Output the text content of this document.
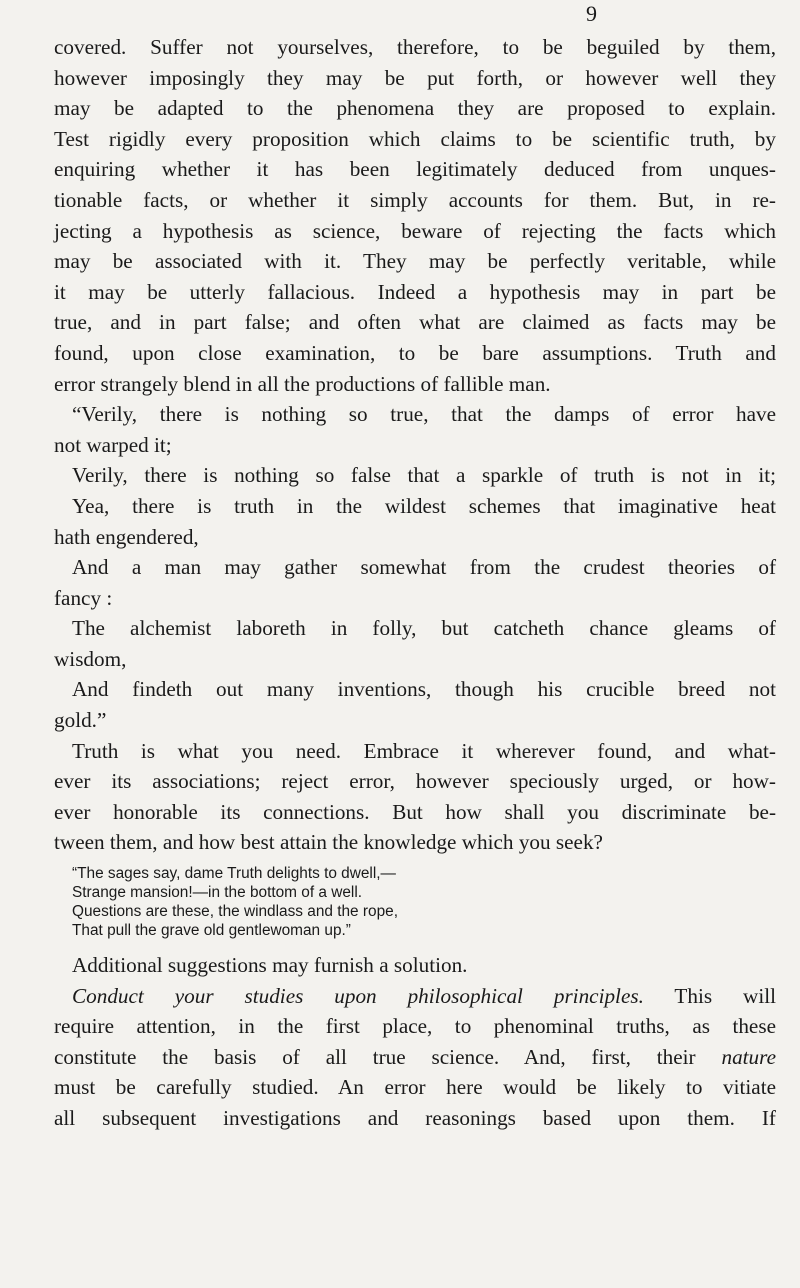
9
covered. Suffer not yourselves, therefore, to be beguiled by them,
however imposingly they may be put forth, or however well they
may be adapted to the phenomena they are proposed to explain.
Test rigidly every proposition which claims to be scientific truth, by
enquiring whether it has been legitimately deduced from unques-
tionable facts, or whether it simply accounts for them. But, in re-
jecting a hypothesis as science, beware of rejecting the facts which
may be associated with it. They may be perfectly veritable, while
it may be utterly fallacious. Indeed a hypothesis may in part be
true, and in part false; and often what are claimed as facts may be
found, upon close examination, to be bare assumptions. Truth and
error strangely blend in all the productions of fallible man.
“Verily, there is nothing so true, that the damps of error have
not warped it;
Verily, there is nothing so false that a sparkle of truth is not in it;
Yea, there is truth in the wildest schemes that imaginative heat
hath engendered,
And a man may gather somewhat from the crudest theories of
fancy :
The alchemist laboreth in folly, but catcheth chance gleams of
wisdom,
And findeth out many inventions, though his crucible breed not
gold.”
Truth is what you need. Embrace it wherever found, and what-
ever its associations; reject error, however speciously urged, or how-
ever honorable its connections. But how shall you discriminate be-
tween them, and how best attain the knowledge which you seek?
“The sages say, dame Truth delights to dwell,—
Strange mansion!—in the bottom of a well.
Questions are these, the windlass and the rope,
That pull the grave old gentlewoman up.”
Additional suggestions may furnish a solution.
Conduct your studies upon philosophical principles. This will
require attention, in the first place, to phenominal truths, as these
constitute the basis of all true science. And, first, their nature
must be carefully studied. An error here would be likely to vitiate
all subsequent investigations and reasonings based upon them. If
